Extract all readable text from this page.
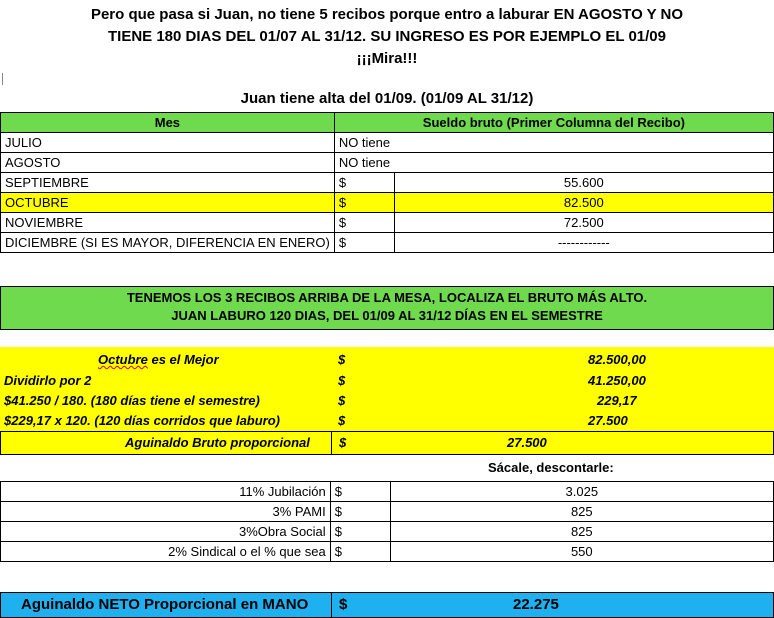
Pero que pasa si Juan, no tiene 5 recibos porque entro a laburar EN AGOSTO Y NO
TIENE 180 DIAS DEL 01/07 AL 31/12. SU INGRESO ES POR EJEMPLO EL 01/09
¡¡¡Mira!!!
Juan tiene alta del 01/09. (01/09 AL 31/12)
Mes	Sueldo bruto (Primer Columna del Recibo)	
JULIO	NO tiene	
AGOSTO	NO tiene	
SEPTIEMBRE	$	55.600
OCTUBRE	$	82.500
NOVIEMBRE	$	72.500
DICIEMBRE (SI ES MAYOR, DIFERENCIA EN ENERO)	$	------------
TENEMOS LOS 3 RECIBOS ARRIBA DE LA MESA, LOCALIZA EL BRUTO MÁS ALTO.
JUAN LABURO 120 DIAS, DEL 01/09 AL 31/12 DÍAS EN EL SEMESTRE
Octubre es el Mejor	$	82.500,00
Dividirlo por 2	$	41.250,00
$41.250 / 180. (180 días tiene el semestre)	$	229,17
$229,17 x 120. (120 días corridos que laburo)	$	27.500
Aguinaldo Bruto proporcional $	27.500
Sácale, descontarle:
11% Jubilación	$	3.025
3% PAMI	$	825
3%Obra Social	$	825
2% Sindical o el % que sea	$	550
Aguinaldo NETO Proporcional en MANO $	22.275
